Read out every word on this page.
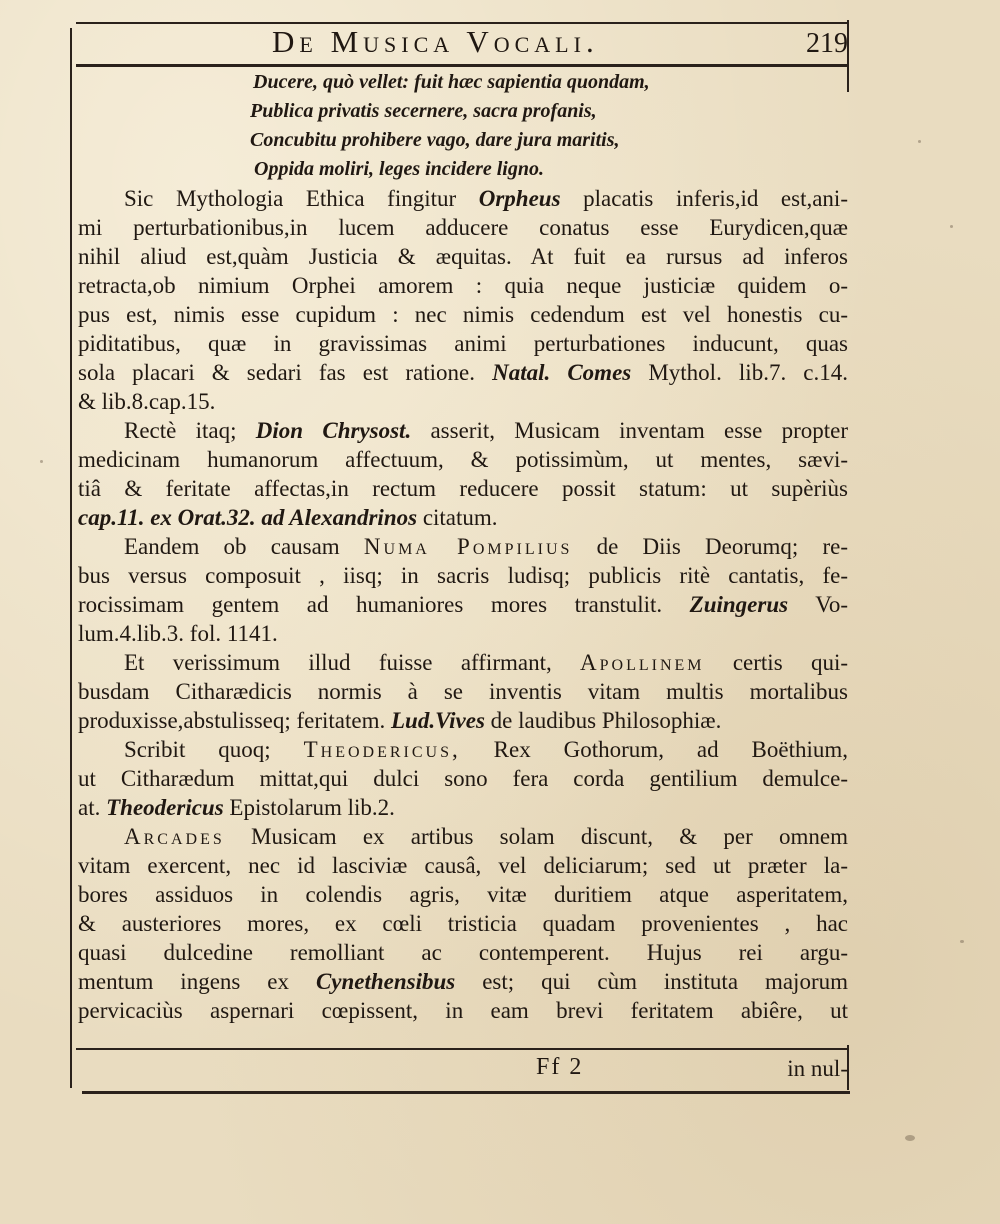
De Musica Vocali.	219
Ducere, quò vellet: fuit hæc sapientia quondam,
Publica privatis secernere, sacra profanis,
Concubitu prohibere vago, dare jura maritis,
Oppida moliri, leges incidere ligno.
Sic Mythologia Ethica fingitur Orpheus placatis inferis,id est,ani-
mi perturbationibus,in lucem adducere conatus esse Eurydicen,quæ
nihil aliud est,quàm Justicia & æquitas. At fuit ea rursus ad inferos
retracta,ob nimium Orphei amorem : quia neque justiciæ quidem o-
pus est, nimis esse cupidum : nec nimis cedendum est vel honestis cu-
piditatibus, quæ in gravissimas animi perturbationes inducunt, quas
sola placari & sedari fas est ratione. Natal. Comes Mythol. lib.7. c.14.
& lib.8.cap.15.
Rectè itaq; Dion Chrysost. asserit, Musicam inventam esse propter
medicinam humanorum affectuum, & potissimùm, ut mentes, sævi-
tiâ & feritate affectas,in rectum reducere possit statum: ut supèriùs
cap.11. ex Orat.32. ad Alexandrinos citatum.
Eandem ob causam Numa Pompilius de Diis Deorumq; re-
bus versus composuit , iisq; in sacris ludisq; publicis ritè cantatis, fe-
rocissimam gentem ad humaniores mores transtulit. Zuingerus Vo-
lum.4.lib.3. fol. 1141.
Et verissimum illud fuisse affirmant, Apollinem certis qui-
busdam Citharædicis normis à se inventis vitam multis mortalibus
produxisse,abstulisseq; feritatem. Lud.Vives de laudibus Philosophiæ.
Scribit quoq; Theodericus, Rex Gothorum, ad Boëthium,
ut Citharædum mittat,qui dulci sono fera corda gentilium demulce-
at. Theodericus Epistolarum lib.2.
Arcades Musicam ex artibus solam discunt, & per omnem
vitam exercent, nec id lasciviæ causâ, vel deliciarum; sed ut præter la-
bores assiduos in colendis agris, vitæ duritiem atque asperitatem,
& austeriores mores, ex cœli tristicia quadam provenientes , hac
quasi dulcedine remolliant ac contemperent. Hujus rei argu-
mentum ingens ex Cynethensibus est; qui cùm instituta majorum
pervicaciùs aspernari cœpissent, in eam brevi feritatem abiêre, ut
Ff 2	in nul-
